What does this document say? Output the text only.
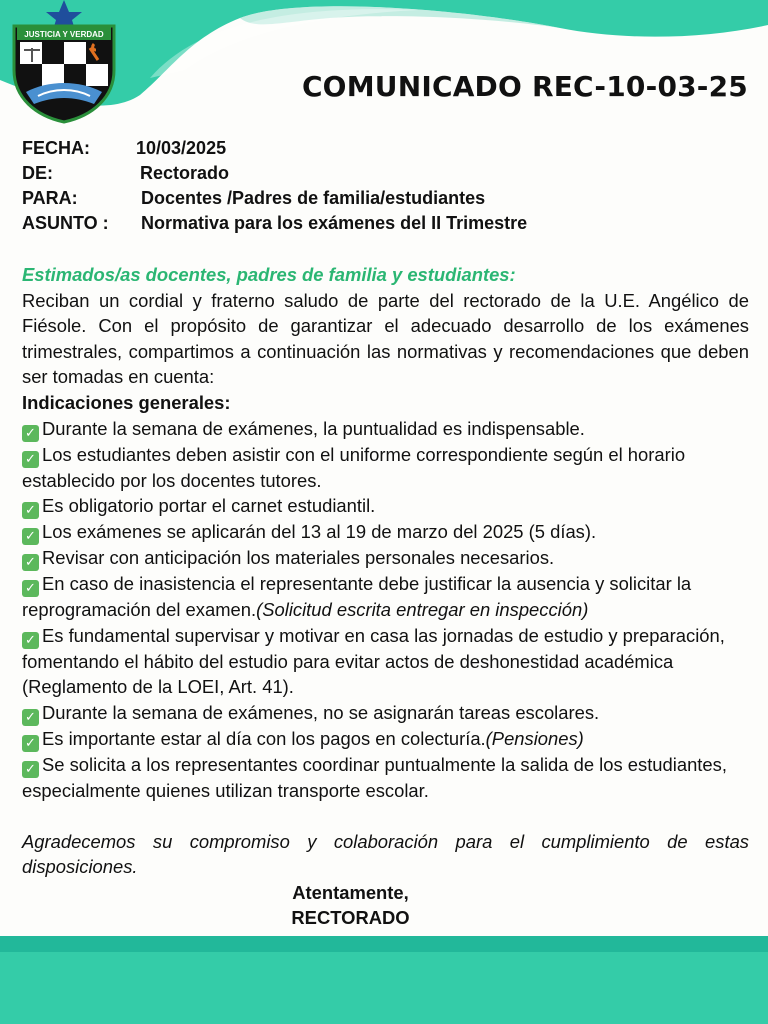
JUSTICIA Y VERDAD
COMUNICADO REC-10-03-25
FECHA:	10/03/2025
DE:	Rectorado
PARA:	Docentes /Padres de familia/estudiantes
ASUNTO : Normativa para los exámenes del II Trimestre
Estimados/as docentes, padres de familia y estudiantes:
Reciban un cordial y fraterno saludo de parte del rectorado de la U.E. Angélico de Fiésole. Con el propósito de garantizar el adecuado desarrollo de los exámenes trimestrales, compartimos a continuación las normativas y recomendaciones que deben ser tomadas en cuenta:
Indicaciones generales:
✓ Durante la semana de exámenes, la puntualidad es indispensable.
✓ Los estudiantes deben asistir con el uniforme correspondiente según el horario establecido por los docentes tutores.
✓ Es obligatorio portar el carnet estudiantil.
✓ Los exámenes se aplicarán del 13 al 19 de marzo del 2025 (5 días).
✓ Revisar con anticipación los materiales personales necesarios.
✓ En caso de inasistencia el representante debe justificar la ausencia y solicitar la reprogramación del examen.(Solicitud escrita entregar en inspección)
✓ Es fundamental supervisar y motivar en casa las jornadas de estudio y preparación, fomentando el hábito del estudio para evitar actos de deshonestidad académica (Reglamento de la LOEI, Art. 41).
✓ Durante la semana de exámenes, no se asignarán tareas escolares.
✓ Es importante estar al día con los pagos en colecturía.(Pensiones)
✓ Se solicita a los representantes coordinar puntualmente la salida de los estudiantes, especialmente quienes utilizan transporte escolar.
Agradecemos su compromiso y colaboración para el cumplimiento de estas disposiciones.
Atentamente,
RECTORADO
